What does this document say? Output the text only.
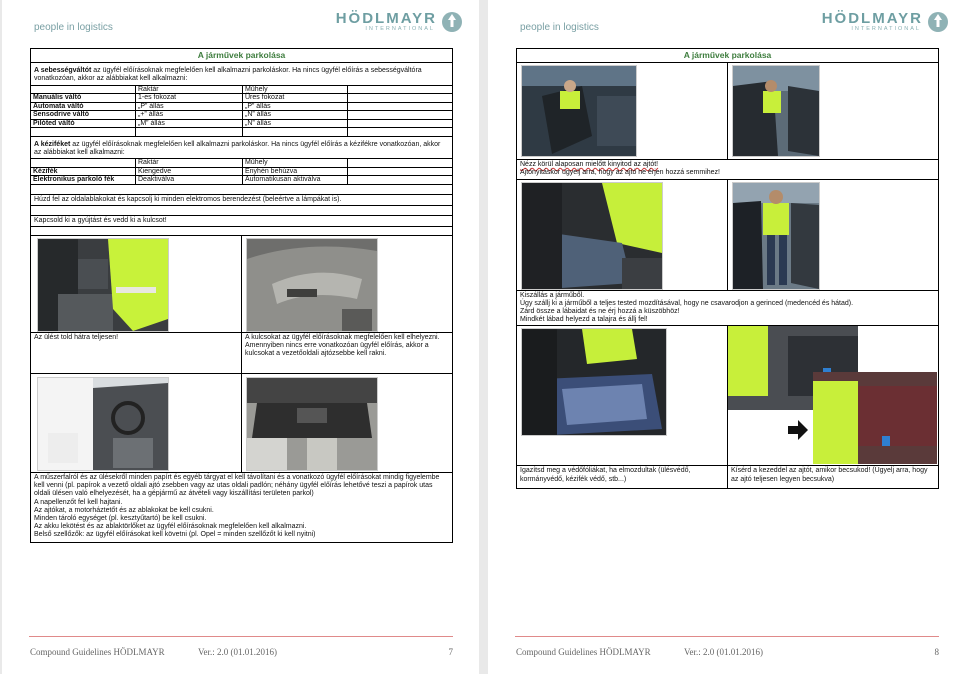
people in logistics
HÖDLMAYR
INTERNATIONAL
A járművek parkolása
A sebességváltót az ügyfél előírásoknak megfelelően kell alkalmazni parkoláskor. Ha nincs ügyfél előírás a sebességváltóra vonatkozóan, akkor az alábbiakat kell alkalmazni:
	Raktár	Műhely	
Manuális váltó	1-es fokozat	Üres fokozat	
Automata váltó	„P” állás	„P” állás	
Sensodrive váltó	„+” állás	„N” állás	
Pilóted váltó	„M” állás	„N” állás	

A kéziféket az ügyfél előírásoknak megfelelően kell alkalmazni parkoláskor. Ha nincs ügyfél előírás a kézifékre vonatkozóan, akkor az alábbiakat kell alkalmazni:
	Raktár	Műhely	
Kézifék	Kiengedve	Enyhén behúzva	
Elektronikus parkoló fék	Deaktiválva	Automatikusan aktiválva	
Húzd fel az oldalablakokat és kapcsolj ki minden elektromos berendezést (beleértve a lámpákat is).
Kapcsold ki a gyújtást és vedd ki a kulcsot!
Az ülést told hátra teljesen!	A kulcsokat az ügyfél előírásoknak megfelelően kell elhelyezni. Amennyiben nincs erre vonatkozóan ügyfél előírás, akkor a kulcsokat a vezetőoldali ajtózsebbe kell rakni.
A műszerfalról és az ülésekről minden papírt és egyéb tárgyat el kell távolítani és a vonatkozó ügyfél előírásokat mindig figyelembe kell venni (pl. papírok a vezető oldali ajtó zsebben vagy az utas oldali padlón; néhány ügyfél előírás lehetővé teszi a papírok utas oldali ülésen való elhelyezését, ha a gépjármű az átvételi vagy kiszállítási területen parkol)
A napellenzőt fel kell hajtani.
Az ajtókat, a motorháztetőt és az ablakokat be kell csukni.
Minden tároló egységet (pl. kesztyűtartó) be kell csukni.
Az akku lekötést és az ablaktörlőket az ügyfél előírásoknak megfelelően kell alkalmazni.
Belső szellőzők: az ügyfél előírásokat kell követni (pl. Opel = minden szellőzőt ki kell nyitni)
Compound Guidelines HÖDLMAYR	Ver.: 2.0 (01.01.2016)	7
people in logistics
HÖDLMAYR
INTERNATIONAL
A járművek parkolása
Nézz körül alaposan mielőtt kinyitod az ajtót!
Ajtónyitáskor ügyelj arra, hogy az ajtó ne érjen hozzá semmihez!
Kiszállás a járműből.
Úgy szállj ki a járműből a teljes tested mozdításával, hogy ne csavarodjon a gerinced (medencéd és hátad).
Zárd össze a lábaidat és ne érj hozzá a küszöbhöz!
Mindkét lábad helyezd a talajra és állj fel!
Igazítsd meg a védőfóliákat, ha elmozdultak (ülésvédő, kormányvédő, kézifék védő, stb...)
Kísérd a kezeddel az ajtót, amikor becsukod! (Ügyelj arra, hogy az ajtó teljesen legyen becsukva)
Compound Guidelines HÖDLMAYR	Ver.: 2.0 (01.01.2016)	8
